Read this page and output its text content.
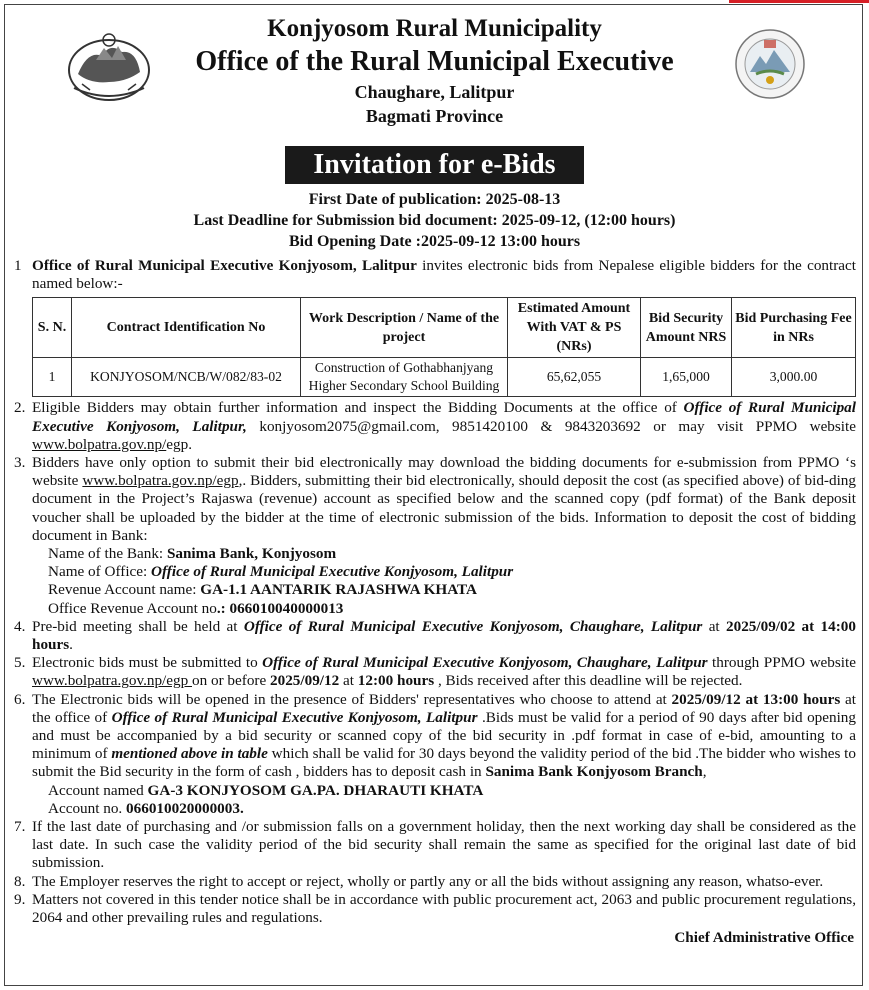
Konjyosom Rural Municipality
Office of the Rural Municipal Executive
Chaughare, Lalitpur
Bagmati Province
Invitation for e-Bids
First Date of publication: 2025-08-13
Last Deadline for Submission bid document: 2025-09-12, (12:00 hours)
Bid Opening Date :2025-09-12 13:00 hours
1 Office of Rural Municipal Executive Konjyosom, Lalitpur invites electronic bids from Nepalese eligible bidders for the contract named below:-
S. N.	Contract Identification No	Work Description / Name of the project	Estimated Amount With VAT & PS (NRs)	Bid Security Amount NRS	Bid Purchasing Fee in NRs
1	KONJYOSOM/NCB/W/082/83-02	Construction of Gothabhanjyang Higher Secondary School Building	65,62,055	1,65,000	3,000.00
2. Eligible Bidders may obtain further information and inspect the Bidding Documents at the office of Office of Rural Municipal Executive Konjyosom, Lalitpur, konjyosom2075@gmail.com, 9851420100 & 9843203692 or may visit PPMO website www.bolpatra.gov.np/egp.
3. Bidders have only option to submit their bid electronically may download the bidding documents for e-submission from PPMO ‘s website www.bolpatra.gov.np/egp,. Bidders, submitting their bid electronically, should deposit the cost (as specified above) of bid-ding document in the Project’s Rajaswa (revenue) account as specified below and the scanned copy (pdf format) of the Bank deposit voucher shall be uploaded by the bidder at the time of electronic submission of the bids. Information to deposit the cost of bidding document in Bank:
Name of the Bank: Sanima Bank, Konjyosom
Name of Office: Office of Rural Municipal Executive Konjyosom, Lalitpur
Revenue Account name: GA-1.1 AANTARIK RAJASHWA KHATA
Office Revenue Account no.: 066010040000013
4. Pre-bid meeting shall be held at Office of Rural Municipal Executive Konjyosom, Chaughare, Lalitpur at 2025/09/02 at 14:00 hours.
5. Electronic bids must be submitted to Office of Rural Municipal Executive Konjyosom, Chaughare, Lalitpur through PPMO website www.bolpatra.gov.np/egp on or before 2025/09/12 at 12:00 hours , Bids received after this deadline will be rejected.
6. The Electronic bids will be opened in the presence of Bidders' representatives who choose to attend at 2025/09/12 at 13:00 hours at the office of Office of Rural Municipal Executive Konjyosom, Lalitpur .Bids must be valid for a period of 90 days after bid opening and must be accompanied by a bid security or scanned copy of the bid security in .pdf format in case of e-bid, amounting to a minimum of mentioned above in table which shall be valid for 30 days beyond the validity period of the bid .The bidder who wishes to submit the Bid security in the form of cash , bidders has to deposit cash in Sanima Bank Konjyosom Branch,
Account named GA-3 KONJYOSOM GA.PA. DHARAUTI KHATA
Account no. 066010020000003.
7. If the last date of purchasing and /or submission falls on a government holiday, then the next working day shall be considered as the last date. In such case the validity period of the bid security shall remain the same as specified for the original last date of bid submission.
8. The Employer reserves the right to accept or reject, wholly or partly any or all the bids without assigning any reason, whatso-ever.
9. Matters not covered in this tender notice shall be in accordance with public procurement act, 2063 and public procurement regulations, 2064 and other prevailing rules and regulations.
Chief Administrative Office
